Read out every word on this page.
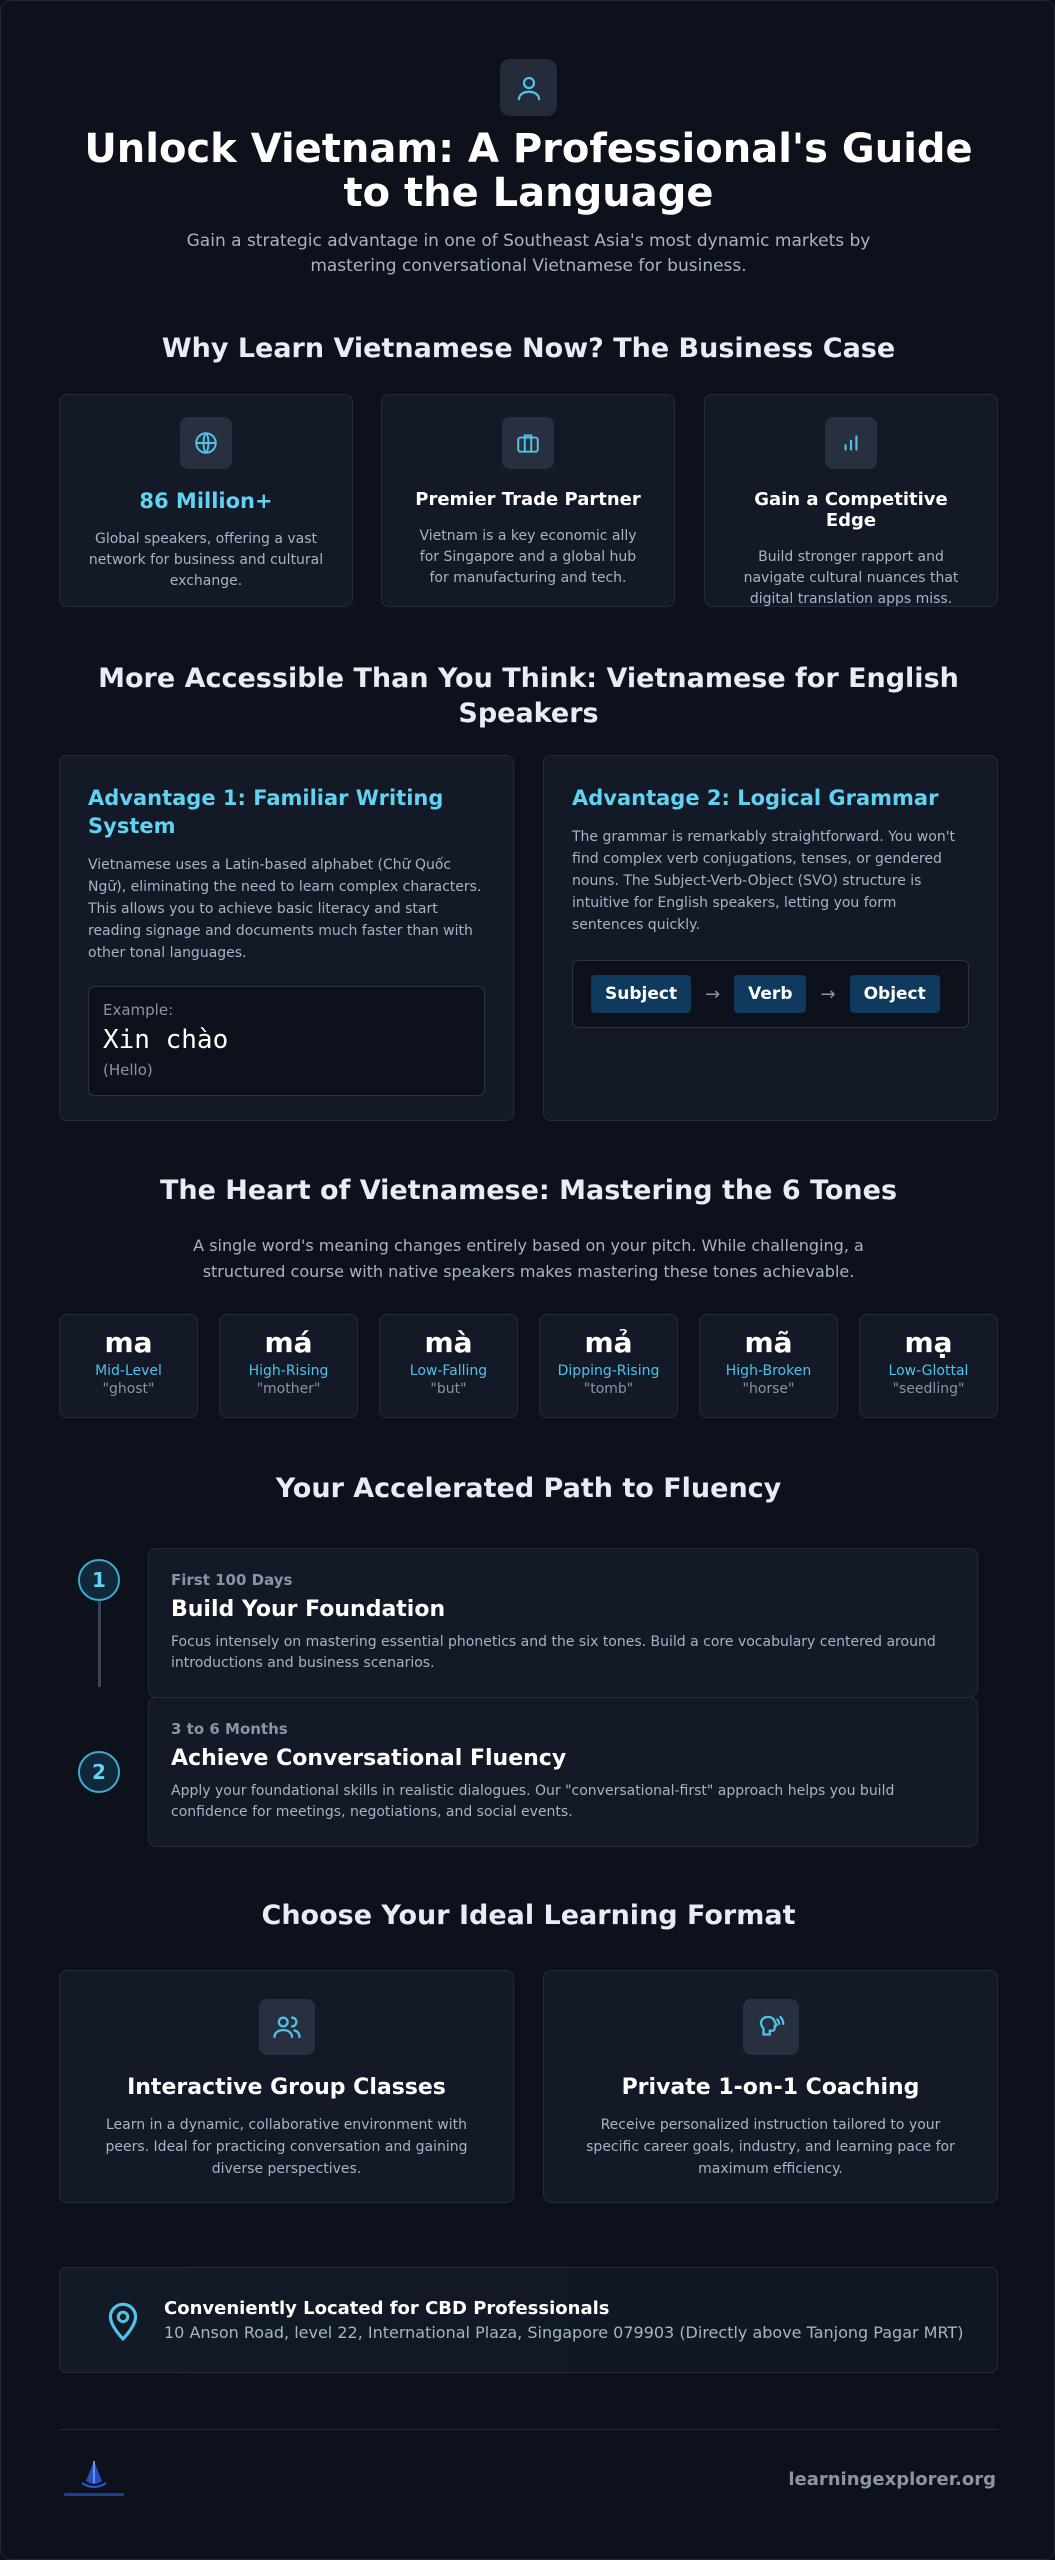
Unlock Vietnam: A Professional's Guide to the Language

Gain a strategic advantage in one of Southeast Asia's most dynamic markets by mastering conversational Vietnamese for business.

Why Learn Vietnamese Now? The Business Case
86 Million+
Global speakers, offering a vast network for business and cultural exchange.
Premier Trade Partner
Vietnam is a key economic ally for Singapore and a global hub for manufacturing and tech.
Gain a Competitive Edge
Build stronger rapport and navigate cultural nuances that digital translation apps miss.
More Accessible Than You Think: Vietnamese for English Speakers
Advantage 1: Familiar Writing System
Vietnamese uses a Latin-based alphabet (Chữ Quốc Ngữ), eliminating the need to learn complex characters. This allows you to achieve basic literacy and start reading signage and documents much faster than with other tonal languages.
Example:
Xin chào
(Hello)
Advantage 2: Logical Grammar
The grammar is remarkably straightforward. You won't find complex verb conjugations, tenses, or gendered nouns. The Subject-Verb-Object (SVO) structure is intuitive for English speakers, letting you form sentences quickly.
Subject	→	Verb	→	Object
The Heart of Vietnamese: Mastering the 6 Tones

A single word's meaning changes entirely based on your pitch. While challenging, a structured course with native speakers makes mastering these tones achievable.

ma
Mid-Level
"ghost"
má
High-Rising
"mother"
mà
Low-Falling
"but"
mả
Dipping-Rising
"tomb"
mã
High-Broken
"horse"
mạ
Low-Glottal
"seedling"
Your Accelerated Path to Fluency
1	First 100 Days
Build Your Foundation
Focus intensely on mastering essential phonetics and the six tones. Build a core vocabulary centered around introductions and business scenarios.
2
3 to 6 Months
Achieve Conversational Fluency
Apply your foundational skills in realistic dialogues. Our "conversational-first" approach helps you build confidence for meetings, negotiations, and social events.
Choose Your Ideal Learning Format
Interactive Group Classes
Learn in a dynamic, collaborative environment with peers. Ideal for practicing conversation and gaining diverse perspectives.
Private 1-on-1 Coaching
Receive personalized instruction tailored to your specific career goals, industry, and learning pace for maximum efficiency.
Conveniently Located for CBD Professionals
10 Anson Road, level 22, International Plaza, Singapore 079903 (Directly above Tanjong Pagar MRT)
learningexplorer.org
